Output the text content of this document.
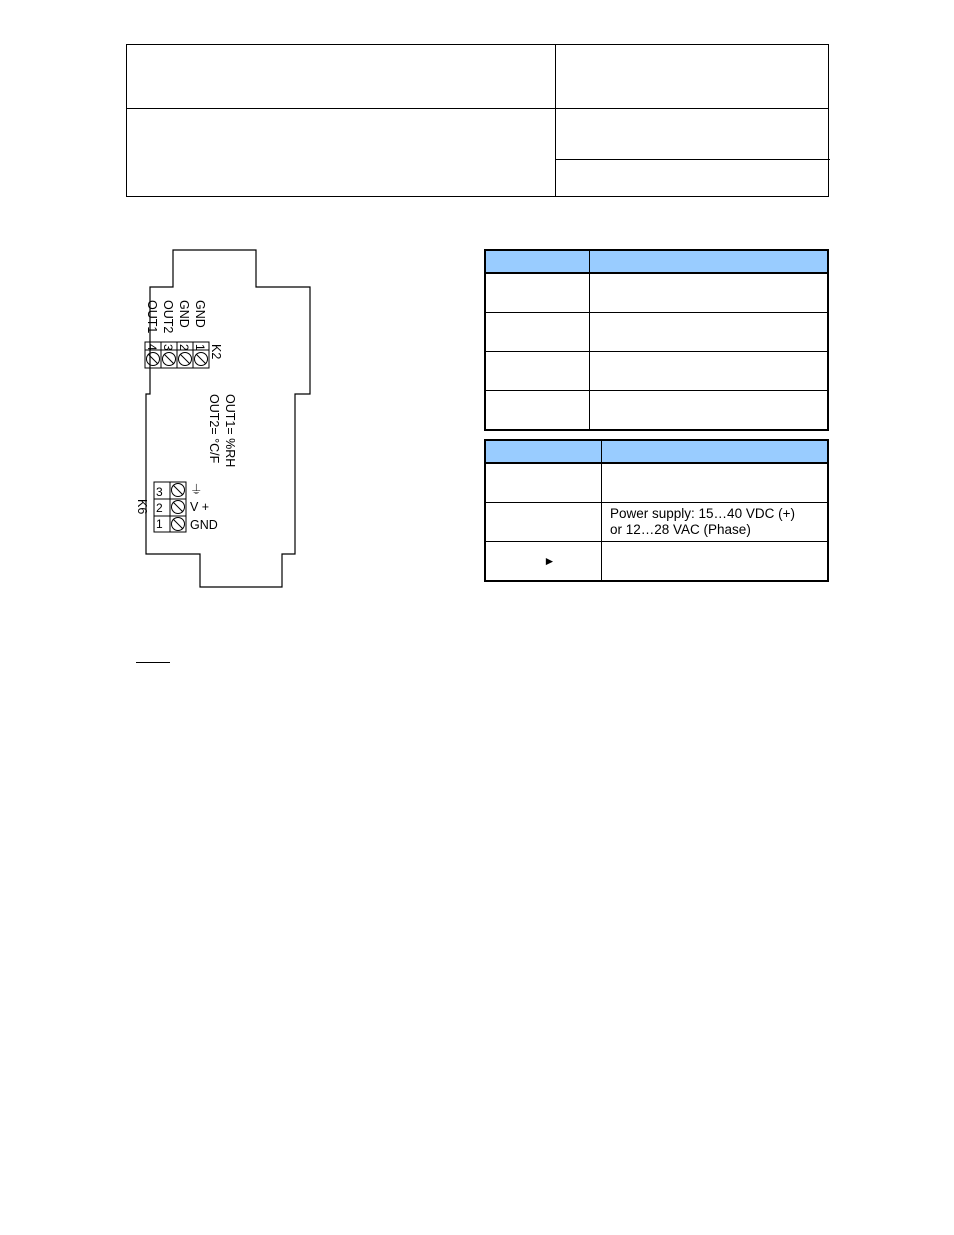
4 3 2 1
OUT1 OUT2 GND GND
K2
OUT1= %RH
OUT2= °C/F
3
2
1
⏚
V +
GND
K6

		Power supply: 15…40 VDC (+)
or 12…28 VAC (Phase)
►	
